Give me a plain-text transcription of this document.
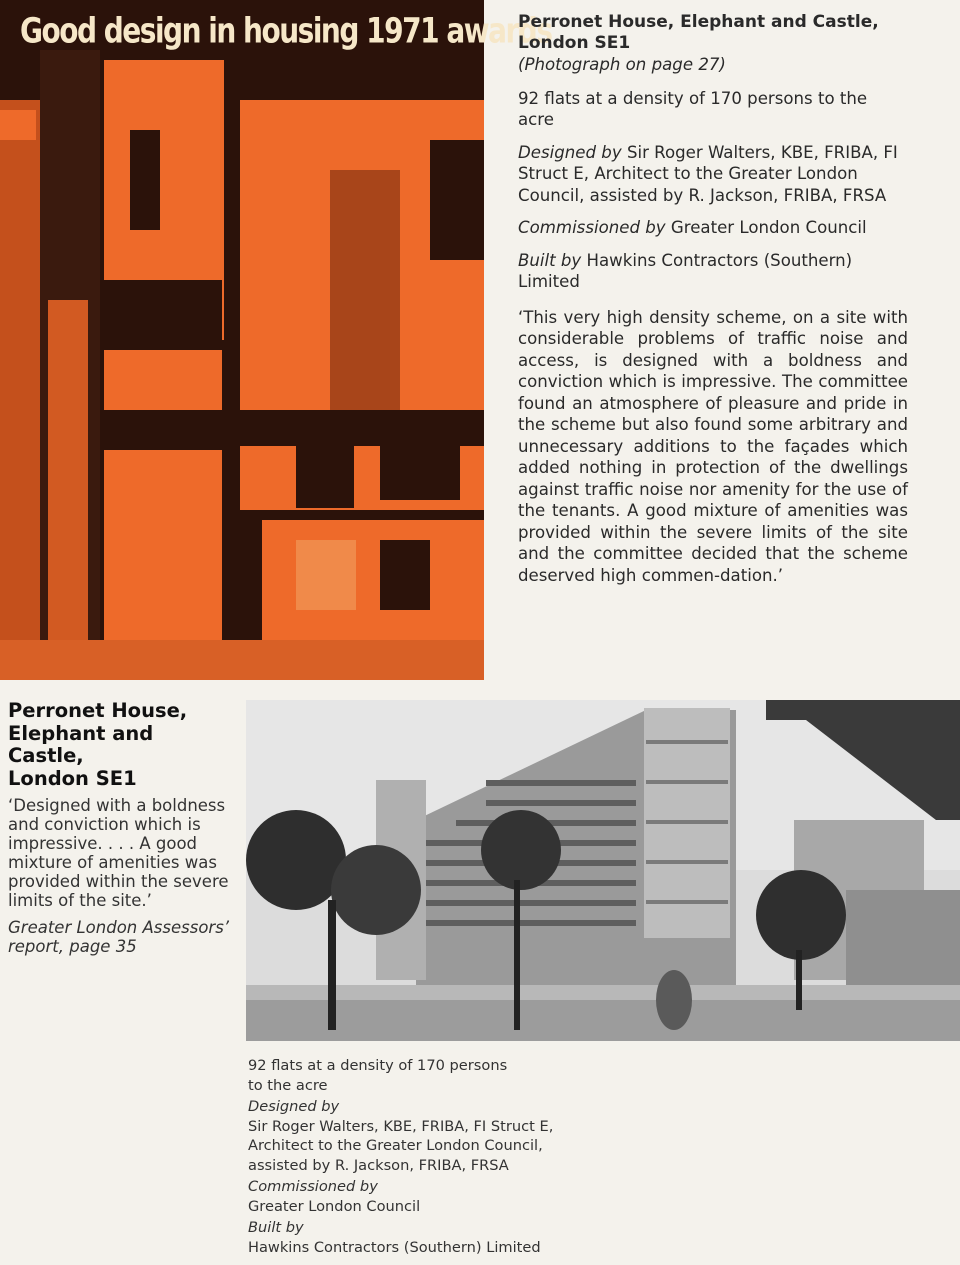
Good design in housing 1971 awards
Perronet House, Elephant and Castle,
London SE1
(Photograph on page 27)

92 flats at a density of 170 persons to the acre

Designed by Sir Roger Walters, KBE, FRIBA, FI Struct E, Architect to the Greater London Council, assisted by R. Jackson, FRIBA, FRSA

Commissioned by Greater London Council

Built by Hawkins Contractors (Southern) Limited

‘This very high density scheme, on a site with considerable problems of traffic noise and access, is designed with a boldness and conviction which is impressive. The committee found an atmosphere of pleasure and pride in the scheme but also found some arbitrary and unnecessary additions to the façades which added nothing in protection of the dwellings against traffic noise nor amenity for the use of the tenants. A good mixture of amenities was provided within the severe limits of the site and the committee decided that the scheme deserved high commen-dation.’

Perronet House,
Elephant and
Castle,
London SE1
‘Designed with a boldness and conviction which is impressive. . . . A good mixture of amenities was provided within the severe limits of the site.’
Greater London Assessors’ report, page 35
92 flats at a density of 170 persons
to the acre
Designed by
Sir Roger Walters, KBE, FRIBA, FI Struct E,
Architect to the Greater London Council,
assisted by R. Jackson, FRIBA, FRSA
Commissioned by
Greater London Council
Built by
Hawkins Contractors (Southern) Limited
